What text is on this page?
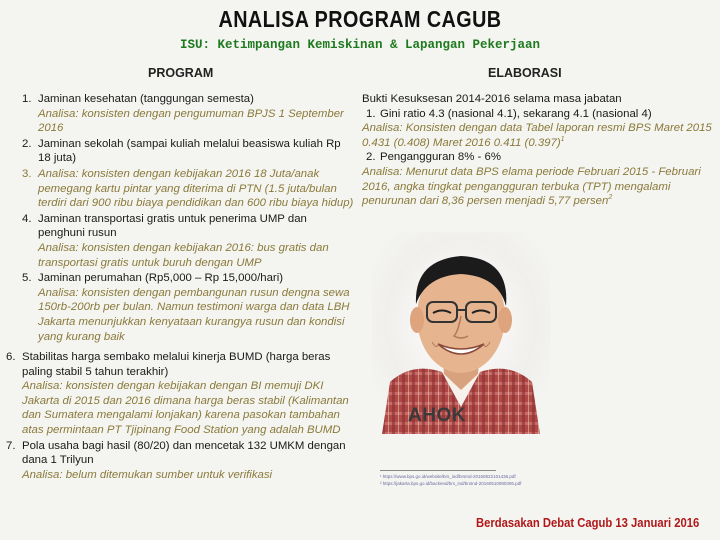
ANALISA PROGRAM CAGUB
ISU: Ketimpangan Kemiskinan & Lapangan Pekerjaan
PROGRAM	ELABORASI
1. Jaminan kesehatan (tanggungan semesta)
Analisa: konsisten dengan pengumuman BPJS 1 September 2016
2. Jaminan sekolah (sampai kuliah melalui beasiswa kuliah Rp 18 juta)
3. Analisa: konsisten dengan kebijakan 2016 18 Juta/anak pemegang kartu pintar yang diterima di PTN (1.5 juta/bulan terdiri dari 900 ribu biaya pendidikan dan 600 ribu biaya hidup)
4. Jaminan transportasi gratis untuk penerima UMP dan penghuni rusun
Analisa: konsisten dengan kebijakan 2016: bus gratis dan transportasi gratis untuk buruh dengan UMP
5. Jaminan perumahan (Rp5,000 – Rp 15,000/hari)
Analisa: konsisten dengan pembangunan rusun dengna sewa 150rb-200rb per bulan. Namun testimoni warga dan data LBH Jakarta menunjukkan kenyataan kurangya rusun dan kondisi yang kurang baik
6. Stabilitas harga sembako melalui kinerja BUMD (harga beras paling stabil 5 tahun terakhir)
Analisa: konsisten dengan kebijakan dengan BI memuji DKI Jakarta di 2015 dan 2016 dimana harga beras stabil (Kalimantan dan Sumatera mengalami lonjakan) karena pasokan tambahan atas permintaan PT Tjipinang Food Station yang adalah BUMD
7. Pola usaha bagi hasil (80/20) dan mencetak 132 UMKM dengan dana 1 Trilyun
Analisa: belum ditemukan sumber untuk verifikasi
Bukti Kesuksesan 2014-2016 selama masa jabatan
1. Gini ratio 4.3 (nasional 4.1), sekarang 4.1 (nasional 4)
Analisa: Konsisten dengan data Tabel laporan resmi BPS Maret 2015 0.431 (0.408) Maret 2016 0.411 $(0.397)^1$
2. Pengangguran 8% - 6%
Analisa: Menurut data BPS elama periode Februari 2015 - Februari 2016, angka tingkat pengangguran terbuka (TPT) mengalami penurunan dari 8,36 persen menjadi 5,77 persen$^2$
AHOK
¹ https://www.bps.go.id/website/brs_ind/brsInd-20160822101436.pdf
² https://jakarta.bps.go.id/backend/brs_ind/brsInd-20160510080306.pdf
Berdasakan Debat Cagub 13 Januari 2016
